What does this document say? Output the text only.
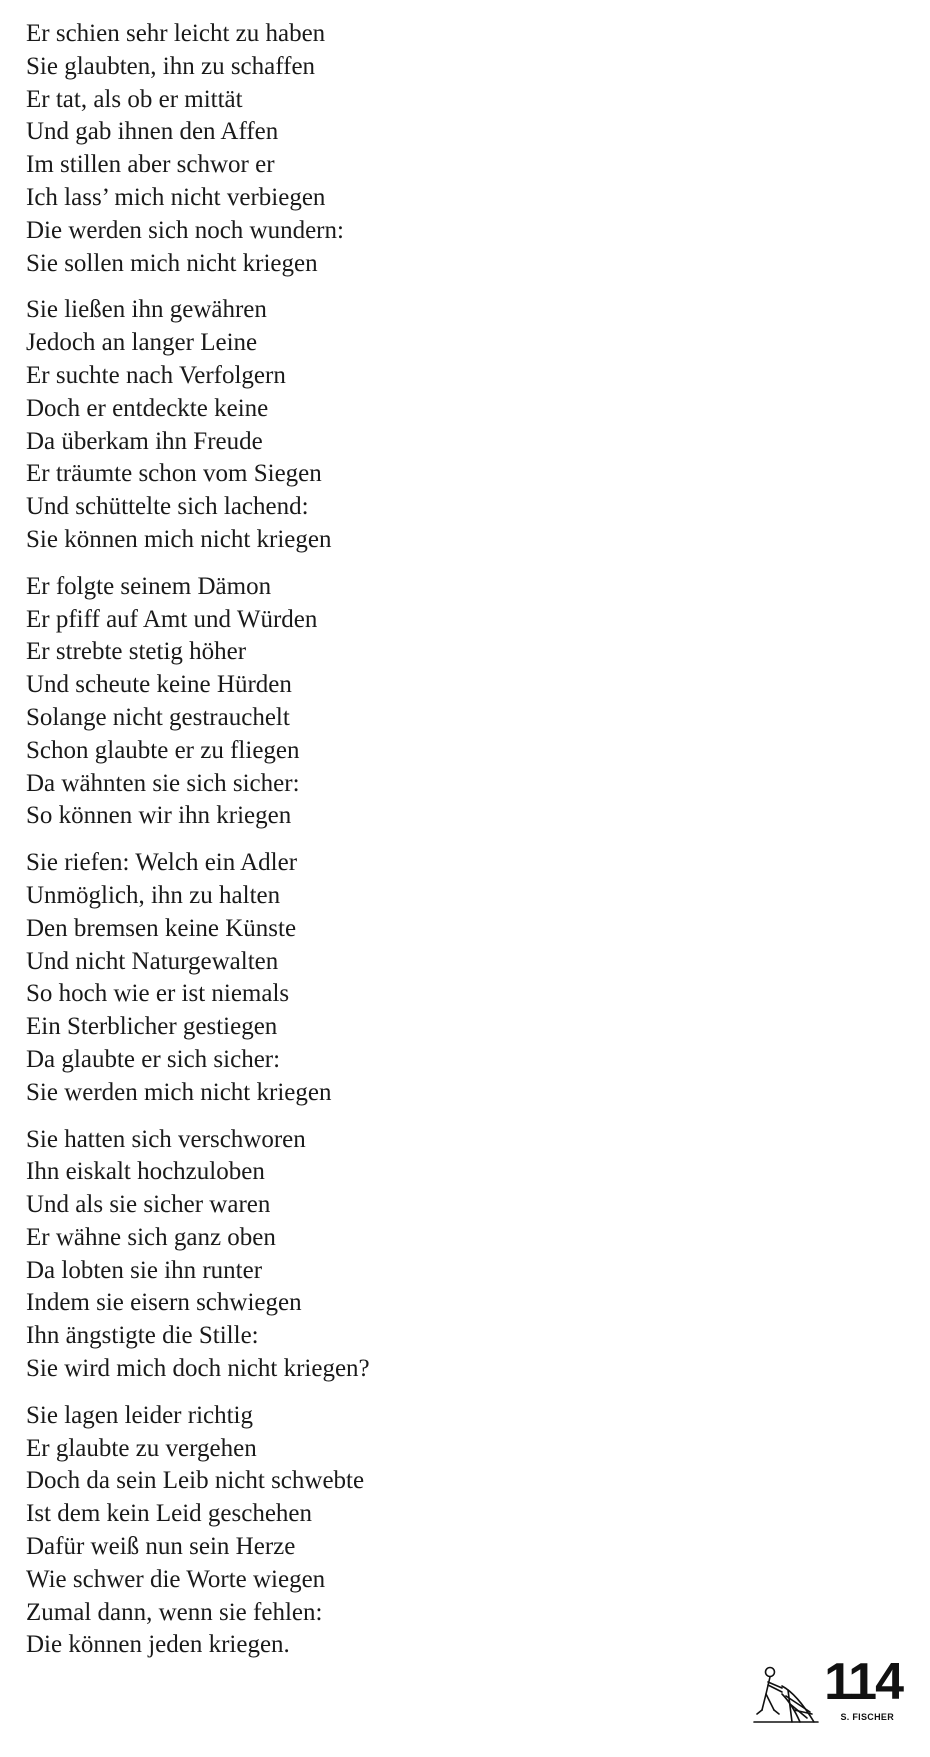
Er schien sehr leicht zu haben
Sie glaubten, ihn zu schaffen
Er tat, als ob er mittät
Und gab ihnen den Affen
Im stillen aber schwor er
Ich lass’ mich nicht verbiegen
Die werden sich noch wundern:
Sie sollen mich nicht kriegen
Sie ließen ihn gewähren
Jedoch an langer Leine
Er suchte nach Verfolgern
Doch er entdeckte keine
Da überkam ihn Freude
Er träumte schon vom Siegen
Und schüttelte sich lachend:
Sie können mich nicht kriegen
Er folgte seinem Dämon
Er pfiff auf Amt und Würden
Er strebte stetig höher
Und scheute keine Hürden
Solange nicht gestrauchelt
Schon glaubte er zu fliegen
Da wähnten sie sich sicher:
So können wir ihn kriegen
Sie riefen: Welch ein Adler
Unmöglich, ihn zu halten
Den bremsen keine Künste
Und nicht Naturgewalten
So hoch wie er ist niemals
Ein Sterblicher gestiegen
Da glaubte er sich sicher:
Sie werden mich nicht kriegen
Sie hatten sich verschworen
Ihn eiskalt hochzuloben
Und als sie sicher waren
Er wähne sich ganz oben
Da lobten sie ihn runter
Indem sie eisern schwiegen
Ihn ängstigte die Stille:
Sie wird mich doch nicht kriegen?
Sie lagen leider richtig
Er glaubte zu vergehen
Doch da sein Leib nicht schwebte
Ist dem kein Leid geschehen
Dafür weiß nun sein Herze
Wie schwer die Worte wiegen
Zumal dann, wenn sie fehlen:
Die können jeden kriegen.
114
S. FISCHER
